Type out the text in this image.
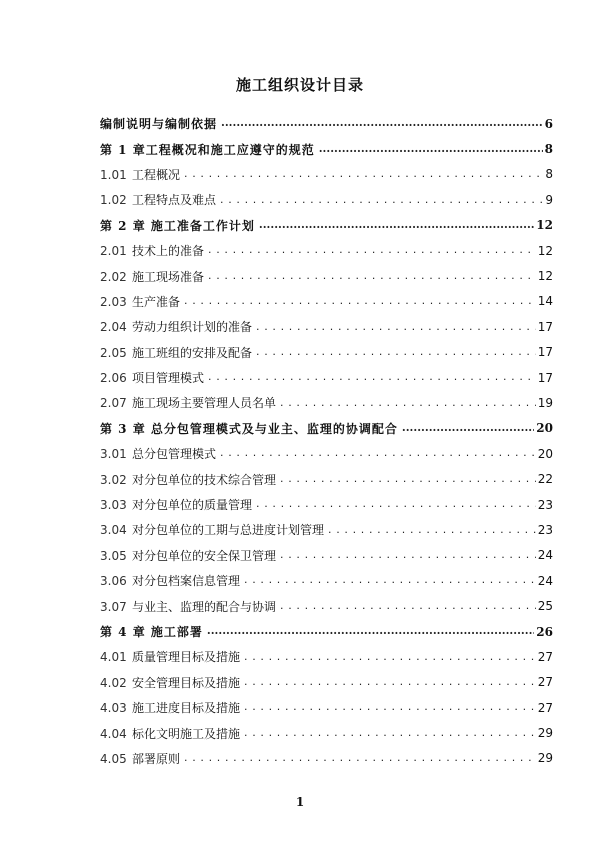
施工组织设计目录
编制说明与编制依据 .....	6
第 1 章工程概况和施工应遵守的规范 .....	8
1.01 工程概况 . . .	8
1.02 工程特点及难点 . . .	9
第 2 章 施工准备工作计划 .....	12
2.01 技术上的准备 . . .	12
2.02 施工现场准备 . . .	12
2.03 生产准备 . . .	14
2.04 劳动力组织计划的准备 . . .	17
2.05 施工班组的安排及配备 . . .	17
2.06 项目管理模式 . . .	17
2.07 施工现场主要管理人员名单 . . .	19
第 3 章 总分包管理模式及与业主、监理的协调配合 .....	20
3.01 总分包管理模式 . . .	20
3.02 对分包单位的技术综合管理 . . .	22
3.03 对分包单位的质量管理 . . .	23
3.04 对分包单位的工期与总进度计划管理 . . .	23
3.05 对分包单位的安全保卫管理 . . .	24
3.06 对分包档案信息管理 . . .	24
3.07 与业主、监理的配合与协调 . . .	25
第 4 章 施工部署 .....	26
4.01 质量管理目标及措施 . . .	27
4.02 安全管理目标及措施 . . .	27
4.03 施工进度目标及措施 . . .	27
4.04 标化文明施工及措施 . . .	29
4.05 部署原则 . . .	29
1
